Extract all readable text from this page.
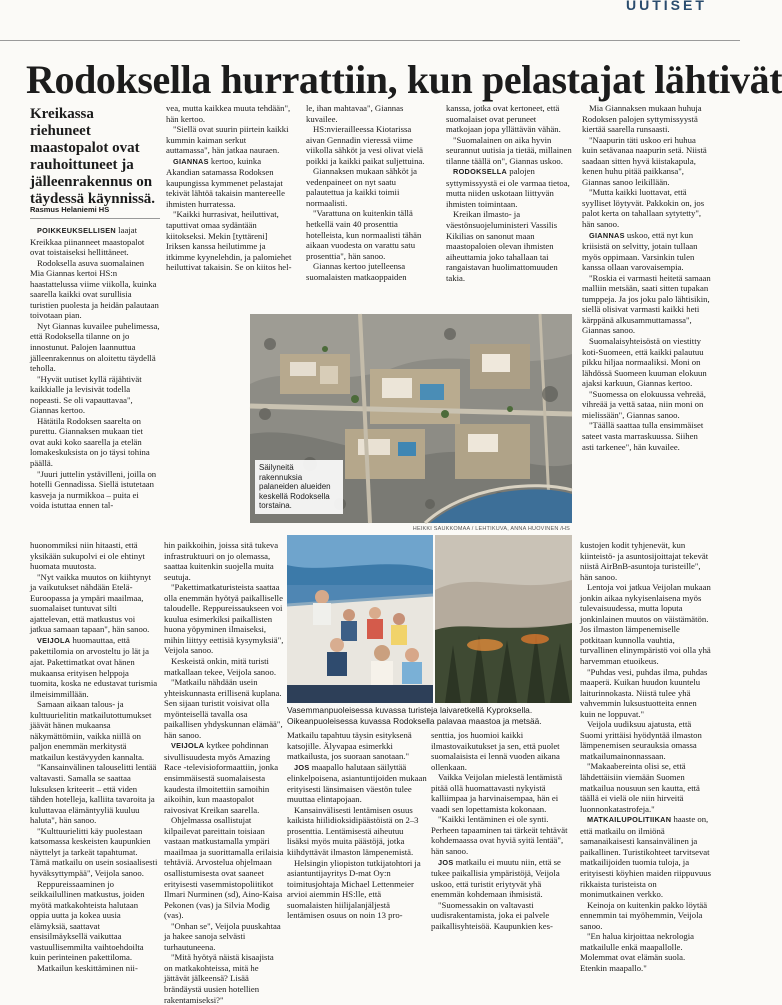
UUTISET
Rodoksella hurrattiin, kun pelastajat lähtivät

Kreikassa riehuneet maastopalot ovat rauhoittuneet ja jälleenrakennus on täydessä käynnissä.

Rasmus Helaniemi HS

POIKKEUKSELLISEN laajat Kreikkaa piinanneet maastopalot ovat toistaiseksi hellittäneet.

Rodoksella asuva suomalainen Mia Giannas kertoi HS:n haastattelussa viime viikolla, kuinka saarella kaikki ovat surullisia turistien puolesta ja heidän palautaan toivotaan pian.

Nyt Giannas kuvailee puhelimessa, että Rodoksella tilanne on jo innostunut. Palojen laannuttua jälleenrakennus on aloitettu täydellä teholla.

"Hyvät uutiset kyllä räjähtivät kaikkialle ja levisivät todella nopeasti. Se oli vapauttavaa", Giannas kertoo.

Hätätila Rodoksen saarelta on purettu. Giannaksen mukaan tiet ovat auki koko saarella ja etelän lomakeskuksista on jo täysi tohina päällä.

"Juuri juttelin ystävilleni, joilla on hotelli Gennadissa. Siellä istutetaan kasveja ja nurmikkoa – puita ei voida istuttaa ennen tal-

vea, mutta kaikkea muuta tehdään", hän kertoo.

"Siellä ovat suurin piirtein kaikki kummin kaiman serkut auttamassa", hän jatkaa nauraen.

GIANNAS kertoo, kuinka Akandian satamassa Rodoksen kaupungissa kymmenet pelastajat tekivät lähtöä takaisin mantereelle ihmisten hurratessa.

"Kaikki hurrasivat, heiluttivat, taputtivat omaa sydäntään kiitokseksi. Mekin [tyttäreni] Iriksen kanssa heilutimme ja itkimme kyynelehdin, ja palomiehet heiluttivat takaisin. Se on kiitos hel-

le, ihan mahtavaa", Giannas kuvailee.

HS:nvierailleessa Kiotarissa aivan Gennadin vieressä viime viikolla sähköt ja vesi olivat vielä poikki ja kaikki paikat suljettuina.

Giannaksen mukaan sähköt ja vedenpaineet on nyt saatu palautettua ja kaikki toimii normaalisti.

"Varattuna on kuitenkin tällä hetkellä vain 40 prosenttia hotelleista, kun normaalisti tähän aikaan vuodesta on varattu satu prosenttia", hän sanoo.

Giannas kertoo jutelleensa suomalaisten matkaoppaiden

kanssa, jotka ovat kertoneet, että suomalaiset ovat peruneet matkojaan jopa yllättävän vähän.

"Suomalainen on aika hyvin seurannut uutisia ja tietää, millainen tilanne täällä on", Giannas uskoo.

RODOKSELLA palojen syttymissyystä ei ole varmaa tietoa, mutta niiden uskotaan liittyvän ihmisten toimintaan.

Kreikan ilmasto- ja väestönsuojeluministeri Vassilis Kikilias on sanonut maan maastopaloien olevan ihmisten aiheuttamia joko tahallaan tai rangaistavan huolimattomuuden takia.

Mia Giannaksen mukaan huhuja Rodoksen palojen syttymissyystä kiertää saarella runsaasti.

"Naapurin täti uskoo eri huhua kuin setävanaa naapurin setä. Niistä saadaan sitten hyvä kiistakapula, kenen huhu pitää paikkansa", Giannas sanoo leikillään.

"Mutta kaikki luottavat, että syylliset löytyvät. Pakkokin on, jos palot kerta on tahallaan sytytetty", hän sanoo.

GIANNAS uskoo, että nyt kun kriisistä on selvitty, jotain tullaan myös oppimaan. Varsinkin tulen kanssa ollaan varovaisempia.

"Roskia ei varmasti heitetä samaan malliin metsään, saati sitten tupakan tumppeja. Ja jos joku palo lähtisikin, siellä olisivat varmasti kaikki heti kärppänä alkusammuttamassa", Giannas sanoo.

Suomalaisyhteisöstä on viestitty koti-Suomeen, että kaikki palautuu pikku hiljaa normaaliksi. Moni on lähdössä Suomeen kuuman elokuun ajaksi karkuun, Giannas kertoo.

"Suomessa on elokuussa vehreää, vihreää ja vettä sataa, niin moni on mielissään", Giannas sanoo.

"Täällä saattaa tulla ensimmäiset sateet vasta marraskuussa. Siihen asti tarkenee", hän kuvailee.

Säilyneitä rakennuksia palaneiden alueiden keskellä Rodoksella torstaina.
HEIKKI SAUKKOMAA / LEHTIKUVA, ANNA HUOVINEN /HS

huonommiksi niin hitaasti, että yksikään sukupolvi ei ole ehtinyt huomata muutosta.

"Nyt vaikka muutos on kiihtynyt ja vaikutukset nähdään Etelä-Euroopassa ja ympäri maailmaa, suomalaiset tuntuvat silti ajattelevan, että matkustus voi jatkua samaan tapaan", hän sanoo.

VEIJOLA huomauttaa, että pakettilomia on arvosteltu jo lät ja ajat. Pakettimatkat ovat hänen mukaansa erityisen helppoja tuomita, koska ne edustavat turismia ilmeisimmillään.

Samaan aikaan talous- ja kulttuurielitin matkailutottumukset jäävät hänen mukaansa näkymättömiin, vaikka niillä on paljon enemmän merkitystä matkailun kestävyyden kannalta.

"Kansainvälinen talouselitti lentää valtavasti. Samalla se saattaa luksuksen kriteerit – että viden tähden hotelleja, kalliita tavaroita ja kuluttavaa elämäntyyliä kuuluu haluta", hän sanoo.

"Kulttuurielitti käy puolestaan katsomassa keskeisten kaupunkien näyttelyt ja tarkeät tapahtumat. Tämä matkailu on usein sosiaalisesti hyväksyttympää", Veijola sanoo.

Reppureissaaminen jo seikkailullinen matkustus, joiden myötä matkakohteista halutaan oppia uutta ja kokea uusia elämyksiä, saattavat ensisilmäyksellä vaikuttaa vastuullisemmilta vaihtoehdoilta kuin perinteinen pakettiloma.

Matkailun keskittäminen nii-

hin paikkoihin, joissa sitä tukeva infrastruktuuri on jo olemassa, saattaa kuitenkin suojella muita seutuja.

"Pakettimatkaturisteista saattaa olla enemmän hyötyä paikalliselle taloudelle. Reppureissaukseen voi kuulua esimerkiksi paikallisten huona yöpyminen ilmaiseksi, mihin liittyy eettisiä kysymyksiä", Veijola sanoo.

Keskeistä onkin, mitä turisti matkallaan tekee, Veijola sanoo.

"Matkailu nähdään usein yhteiskunnasta erillisenä kuplana. Sen sijaan turistit voisivat olla myönteisellä tavalla osa paikallisen yhdyskunnan elämää", hän sanoo.

VEIJOLA kytkee pohdinnan sivullisuudesta myös Amazing Race -televisioformaattiin, jonka ensimmäisestä suomalaisesta kaudesta ilmoitettiin samoihin aikoihin, kun maastopalot raivosivat Kreikan saarella.

Ohjelmassa osallistujat kilpailevat pareittain toisiaan vastaan matkustamalla ympäri maailmaa ja suorittamalla erilaisia tehtäviä. Arvostelua ohjelmaan osallistumisesta ovat saaneet erityisesti vasemmistopoliitikot Ilmari Nurminen (sd), Aino-Kaisa Pekonen (vas) ja Silvia Modig (vas).

"Onhan se", Veijola puuskahtaa ja hakee sanoja selvästi turhautuneena.

"Mitä hyötyä näistä kisaajista on matkakohteissa, mitä he jättävät jälkeensä? Lisää brändäystä uusien hotellien rakentamiseksi?"

Matkailu tapahtuu täysin esityksenä katsojille. Älyvapaa esimerkki matkailusta, jos suoraan sanotaan."

JOS maapallo halutaan säilyttää elinkelpoisena, asiantuntijoiden mukaan erityisesti länsimaisen väestön tulee muuttaa elintapojaan.

Kansainvälisesti lentämisen osuus kaikista hiilidioksidipäästöistä on 2–3 prosenttia. Lentämisestä aiheutuu lisäksi myös muita päästöjä, jotka kiihdyttävät ilmaston lämpenemistä.

Helsingin yliopiston tutkijatohtori ja asiantuntijayritys D-mat Oy:n toimitusjohtaja Michael Lettenmeier arvioi aiemmin HS:lle, että suomalaisten hiilijalanjäljestä lentämisen osuus on noin 13 pro-

senttia, jos huomioi kaikki ilmastovaikutukset ja sen, että puolet suomalaisista ei lennä vuoden aikana ollenkaan.

Vaikka Veijolan mielestä lentämistä pitää ollä huomattavasti nykyistä kalliimpaa ja harvinaisempaa, hän ei vaadi sen lopettamista kokonaan.

"Kaikki lentäminen ei ole synti. Perheen tapaaminen tai tärkeät tehtävät kohdemaassa ovat hyviä syitä lentää", hän sanoo.

JOS matkailu ei muutu niin, että se tukee paikallisia ympäristöjä, Veijola uskoo, että turistit eriytyvät yhä enemmän kohdemaan ihmisistä.

"Suomessakin on valtavasti uudisrakentamista, joka ei palvele paikallisyhteisöä. Kaupunkien kes-

kustojen kodit tyhjenevät, kun kiinteistö- ja asuntosijoittajat tekevät niistä AirBnB-asuntoja turisteille", hän sanoo.

Lentoja voi jatkua Veijolan mukaan jonkin aikaa nykyisenlaisena myös tulevaisuudessa, mutta loputa jonkinlainen muutos on väistämätön. Jos ilmaston lämpenemiselle potkitaan kunnolla vauhtia, turvallinen elinympäristö voi olla yhä harvemman etuoikeus.

"Puhdas vesi, puhdas ilma, puhdas maaperä. Kuikan huudon kuuntelu laiturinnokasta. Niistä tulee yhä vahvemmin luksustuotteita ennen kuin ne loppuvat."

Veijola uudiksuu ajatusta, että Suomi yrittäisi hyödyntää ilmaston lämpenemisen seurauksia omassa matkailumainonnassaan.

"Makaabereinta olisi se, että lähdettäisiin viemään Suomen matkailua nousuun sen kautta, että täällä ei vielä ole niin hirveitä luonnonkatastrofeja."

MATKAILUPOLITIIKAN haaste on, että matkailu on ilmiönä samanaikaisesti kansainvälinen ja paikallinen. Turistikohteet tarvitsevat matkailijoiden tuomia tuloja, ja erityisesti köyhien maiden riippuvuus rikkaista turisteista on monimutkainen verkko.

Keinoja on kuitenkin pakko löytää ennemmin tai myöhemmin, Veijola sanoo.

"En halua kirjoittaa nekrologia matkailulle enkä maapallolle. Molemmat ovat elämän suola. Etenkin maapallo."

Vasemmanpuoleisessa kuvassa turisteja laivaretkellä Kyproksella. Oikeanpuoleisessa kuvassa Rodoksella palavaa maastoa ja metsää.
